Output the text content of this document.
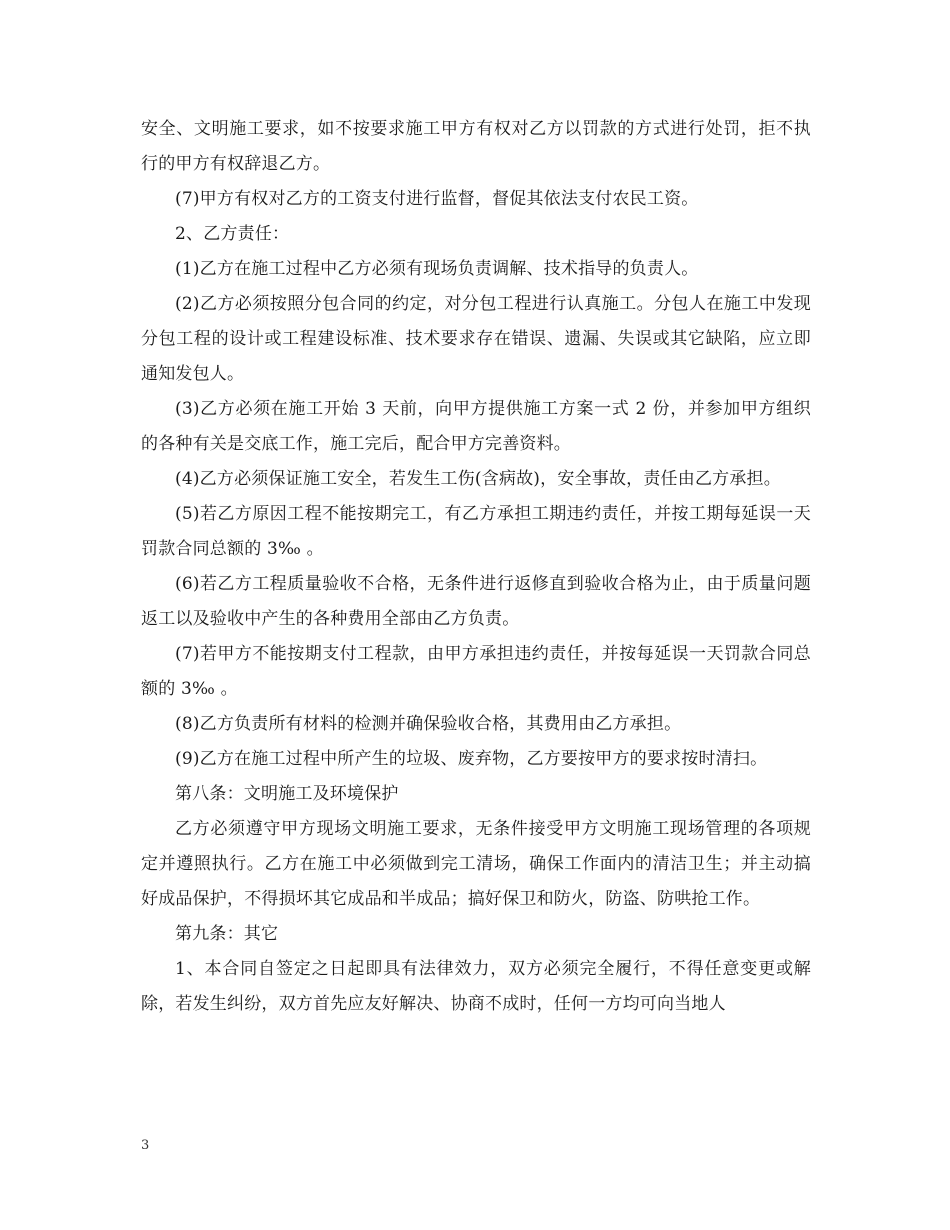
安全、文明施工要求，如不按要求施工甲方有权对乙方以罚款的方式进行处罚，拒不执行的甲方有权辞退乙方。

(7)甲方有权对乙方的工资支付进行监督，督促其依法支付农民工资。

2、乙方责任：

(1)乙方在施工过程中乙方必须有现场负责调解、技术指导的负责人。

(2)乙方必须按照分包合同的约定，对分包工程进行认真施工。分包人在施工中发现分包工程的设计或工程建设标准、技术要求存在错误、遗漏、失误或其它缺陷，应立即通知发包人。

(3)乙方必须在施工开始 3 天前，向甲方提供施工方案一式 2 份，并参加甲方组织的各种有关是交底工作，施工完后，配合甲方完善资料。

(4)乙方必须保证施工安全，若发生工伤(含病故)，安全事故，责任由乙方承担。

(5)若乙方原因工程不能按期完工，有乙方承担工期违约责任，并按工期每延误一天罚款合同总额的 3‰ 。

(6)若乙方工程质量验收不合格，无条件进行返修直到验收合格为止，由于质量问题返工以及验收中产生的各种费用全部由乙方负责。

(7)若甲方不能按期支付工程款，由甲方承担违约责任，并按每延误一天罚款合同总额的 3‰ 。

(8)乙方负责所有材料的检测并确保验收合格，其费用由乙方承担。

(9)乙方在施工过程中所产生的垃圾、废弃物，乙方要按甲方的要求按时清扫。

第八条：文明施工及环境保护

乙方必须遵守甲方现场文明施工要求，无条件接受甲方文明施工现场管理的各项规定并遵照执行。乙方在施工中必须做到完工清场，确保工作面内的清洁卫生；并主动搞好成品保护，不得损坏其它成品和半成品；搞好保卫和防火，防盗、防哄抢工作。

第九条：其它

1、本合同自签定之日起即具有法律效力，双方必须完全履行，不得任意变更或解除，若发生纠纷，双方首先应友好解决、协商不成时，任何一方均可向当地人

3
